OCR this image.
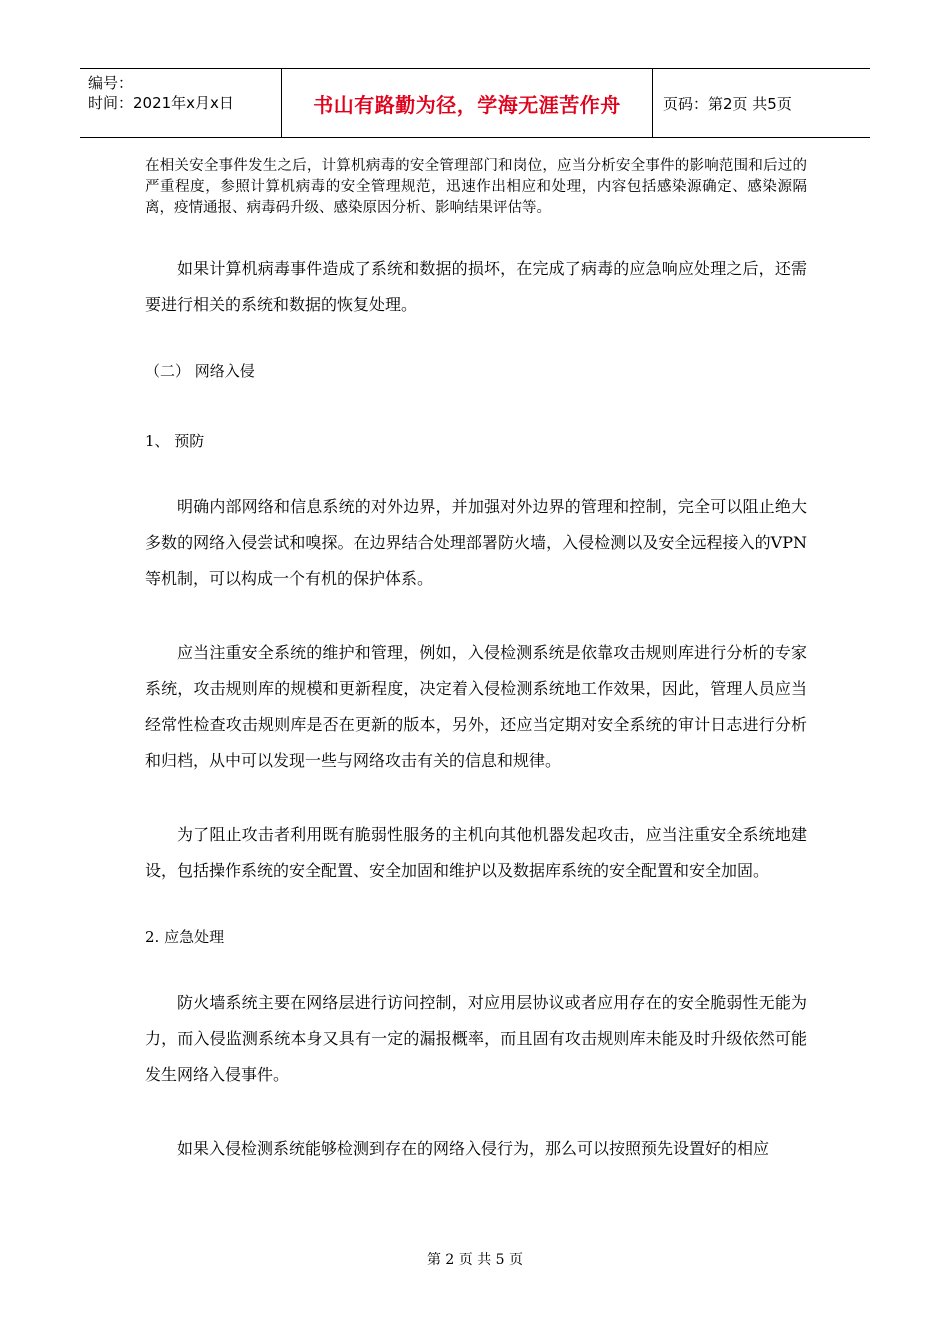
编号：
时间：2021年x月x日	书山有路勤为径，学海无涯苦作舟	页码：第2页 共5页

在相关安全事件发生之后，计算机病毒的安全管理部门和岗位，应当分析安全事件的影响范围和后过的严重程度，参照计算机病毒的安全管理规范，迅速作出相应和处理，内容包括感染源确定、感染源隔离，疫情通报、病毒码升级、感染原因分析、影响结果评估等。

如果计算机病毒事件造成了系统和数据的损坏，在完成了病毒的应急响应处理之后，还需要进行相关的系统和数据的恢复处理。

（二） 网络入侵

1、 预防

明确内部网络和信息系统的对外边界，并加强对外边界的管理和控制，完全可以阻止绝大多数的网络入侵尝试和嗅探。在边界结合处理部署防火墙，入侵检测以及安全远程接入的VPN等机制，可以构成一个有机的保护体系。

应当注重安全系统的维护和管理，例如，入侵检测系统是依靠攻击规则库进行分析的专家系统，攻击规则库的规模和更新程度，决定着入侵检测系统地工作效果，因此，管理人员应当经常性检查攻击规则库是否在更新的版本，另外，还应当定期对安全系统的审计日志进行分析和归档，从中可以发现一些与网络攻击有关的信息和规律。

为了阻止攻击者利用既有脆弱性服务的主机向其他机器发起攻击，应当注重安全系统地建设，包括操作系统的安全配置、安全加固和维护以及数据库系统的安全配置和安全加固。

2. 应急处理

防火墙系统主要在网络层进行访问控制，对应用层协议或者应用存在的安全脆弱性无能为力，而入侵监测系统本身又具有一定的漏报概率，而且固有攻击规则库未能及时升级依然可能发生网络入侵事件。

如果入侵检测系统能够检测到存在的网络入侵行为，那么可以按照预先设置好的相应

第 2 页 共 5 页
